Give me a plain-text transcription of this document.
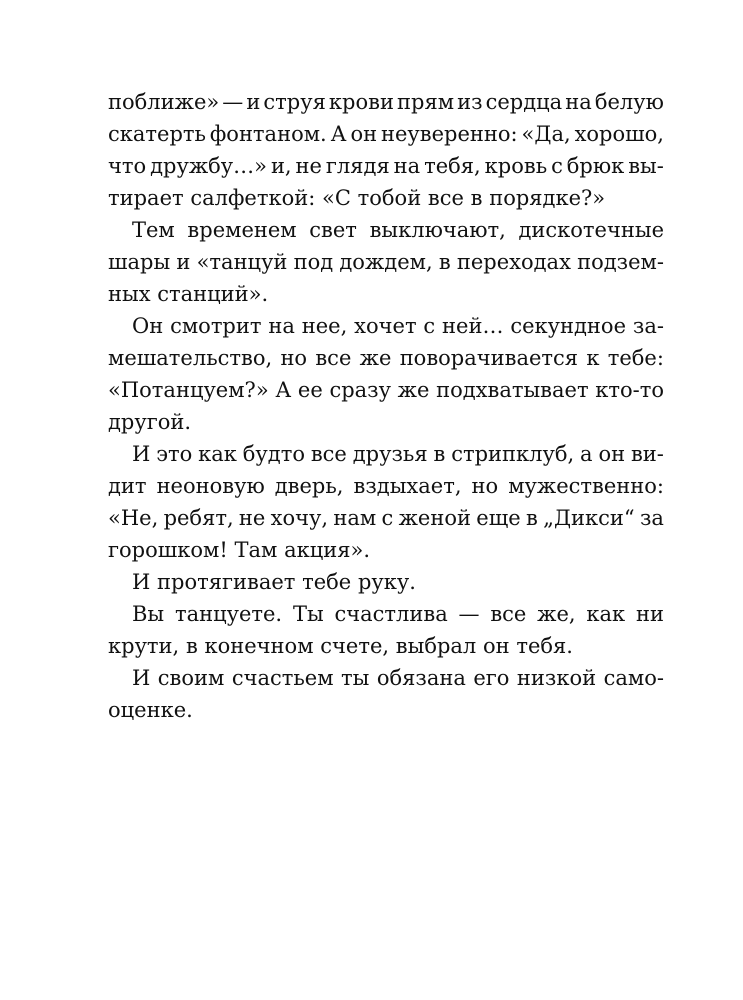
поближе» — и струя крови прям из сердца на белую
скатерть фонтаном. А он неуверенно: «Да, хорошо,
что дружбу…» и, не глядя на тебя, кровь с брюк вы-
тирает салфеткой: «С тобой все в порядке?»
Тем временем свет выключают, дискотечные
шары и «танцуй под дождем, в переходах подзем-
ных станций».
Он смотрит на нее, хочет с ней… секундное за-
мешательство, но все же поворачивается к тебе:
«Потанцуем?» А ее сразу же подхватывает кто-то
другой.
И это как будто все друзья в стрипклуб, а он ви-
дит неоновую дверь, вздыхает, но мужественно:
«Не, ребят, не хочу, нам с женой еще в „Дикси“ за
горошком! Там акция».
И протягивает тебе руку.
Вы танцуете. Ты счастлива — все же, как ни
крути, в конечном счете, выбрал он тебя.
И своим счастьем ты обязана его низкой само-
оценке.
